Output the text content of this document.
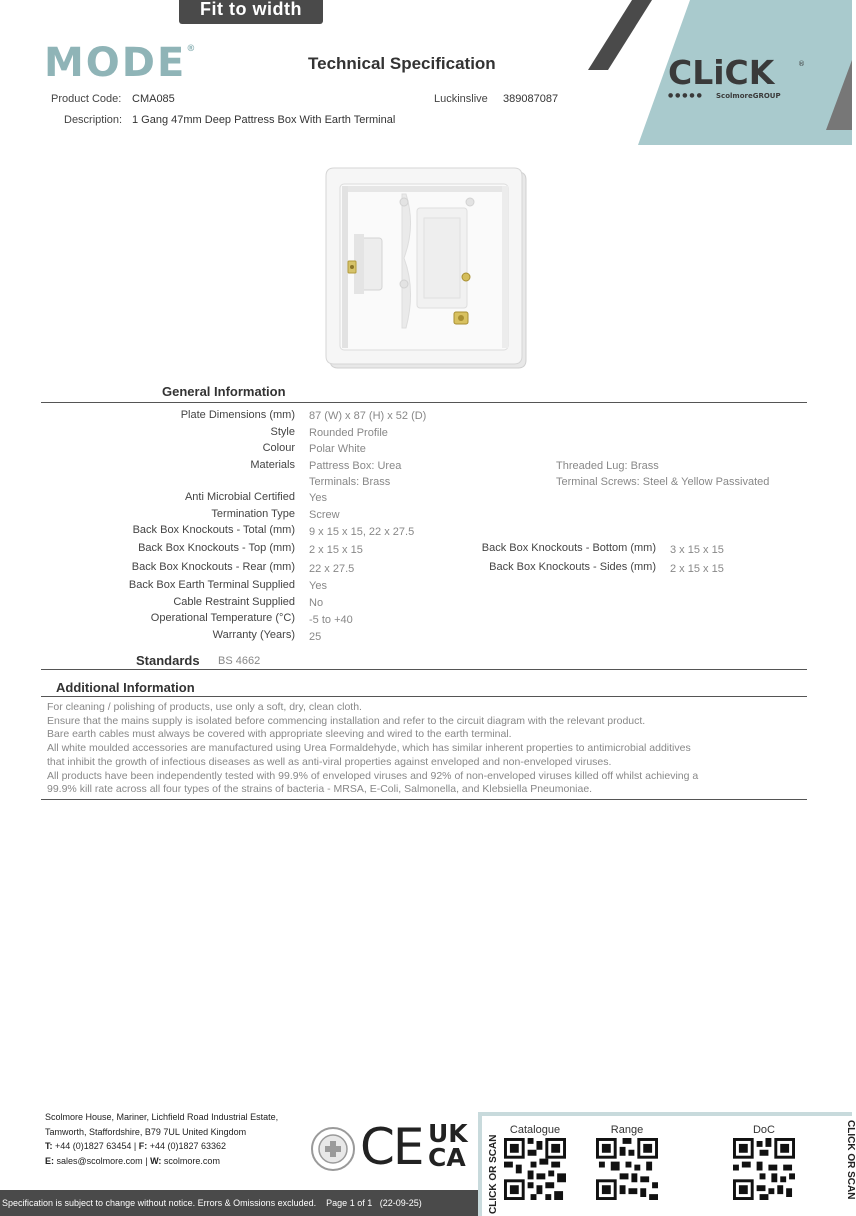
Fit to width
MODE®
Technical Specification
Product Code: CMA085	Luckinslive 389087087
Description: 1 Gang 47mm Deep Pattress Box With Earth Terminal
CLiCK	®
● ● ● ● ● ScolmoreGROUP
General Information
Plate Dimensions (mm) 87 (W) x 87 (H) x 52 (D)
Style Rounded Profile
Colour Polar White
Materials Pattress Box: Urea	Threaded Lug: Brass
Terminals: Brass	Terminal Screws: Steel & Yellow Passivated
Anti Microbial Certified Yes
Termination Type Screw
Back Box Knockouts - Total (mm) 9 x 15 x 15, 22 x 27.5
Back Box Knockouts - Top (mm) 2 x 15 x 15	Back Box Knockouts - Bottom (mm) 3 x 15 x 15
Back Box Knockouts - Rear (mm) 22 x 27.5	Back Box Knockouts - Sides (mm) 2 x 15 x 15
Back Box Earth Terminal Supplied Yes
Cable Restraint Supplied No
Operational Temperature (°C) -5 to +40
Warranty (Years) 25
Standards BS 4662
Additional Information

For cleaning / polishing of products, use only a soft, dry, clean cloth.

Ensure that the mains supply is isolated before commencing installation and refer to the circuit diagram with the relevant product.

Bare earth cables must always be covered with appropriate sleeving and wired to the earth terminal.

All white moulded accessories are manufactured using Urea Formaldehyde, which has similar inherent properties to antimicrobial additives

that inhibit the growth of infectious diseases as well as anti-viral properties against enveloped and non-enveloped viruses.

All products have been independently tested with 99.9% of enveloped viruses and 92% of non-enveloped viruses killed off whilst achieving a

99.9% kill rate across all four types of the strains of bacteria - MRSA, E-Coli, Salmonella, and Klebsiella Pneumoniae.

Scolmore House, Mariner, Lichfield Road Industrial Estate,
Tamworth, Staffordshire, B79 7UL United Kingdom
T: +44 (0)1827 63454 | F: +44 (0)1827 63362
E: sales@scolmore.com | W: scolmore.com	CE UK
CA
Specification is subject to change without notice. Errors & Omissions excluded. Page 1 of 1 (22-09-25)	CLICK OR SCAN
Catalogue	Range	DoC	CLICK OR SCAN
